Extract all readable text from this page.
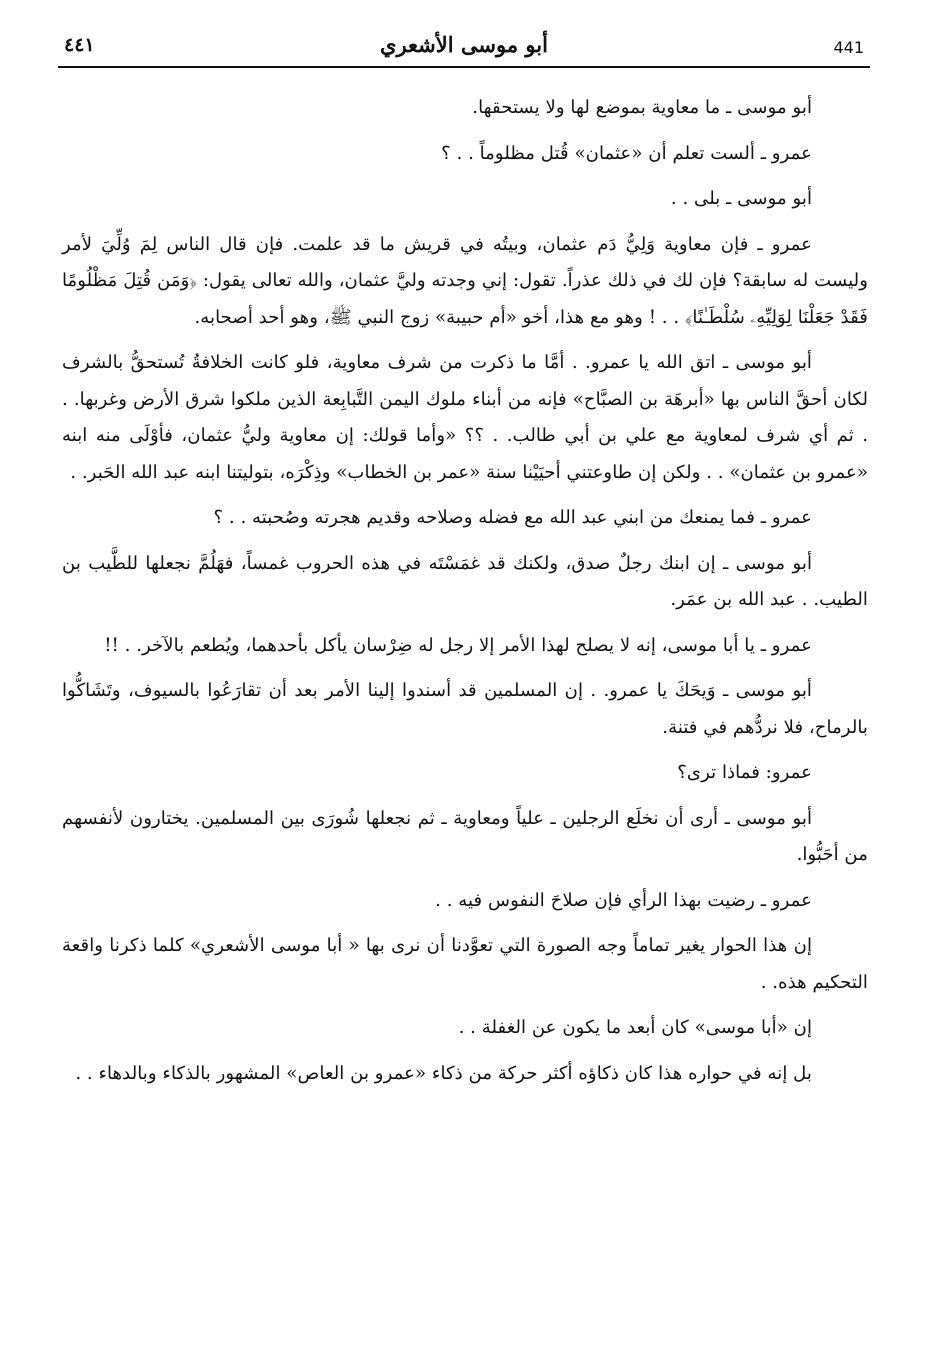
٤٤١	أبو موسى الأشعري	441

أبو موسى ـ ما معاوية بموضع لها ولا يستحقها.

عمرو ـ ألست تعلم أن «عثمان» قُتل مظلوماً . . ؟

أبو موسى ـ بلى . .

عمرو ـ فإن معاوية وَلِيُّ دَم عثمان، وبيتُه في قريش ما قد علمت. فإن قال الناس لِمَ وُلِّيَ لأمر وليست له سابقة؟ فإن لك في ذلك عذراً. تقول: إني وجدته وليَّ عثمان، والله تعالى يقول: ﴿وَمَن قُتِلَ مَظْلُومًا فَقَدْ جَعَلْنَا لِوَلِيِّهِۦ سُلْطَـٰنًا﴾ . . ! وهو مع هذا، أخو «أم حبيبة» زوج النبي ﷺ، وهو أحد أصحابه.

أبو موسى ـ اتق الله يا عمرو. . أمَّا ما ذكرت من شرف معاوية، فلو كانت الخلافةُ تُستحقُّ بالشرف لكان أحقَّ الناس بها «أبرهَة بن الصبَّاح» فإنه من أبناء ملوك اليمن التَّبابِعة الذين ملكوا شرق الأرض وغربها. . . ثم أي شرف لمعاوية مع علي بن أبي طالب. . ؟؟ «وأما قولك: إن معاوية وليُّ عثمان، فأوْلَى منه ابنه «عمرو بن عثمان» . . ولكن إن طاوعتني أحيَيْنا سنة «عمر بن الخطاب» وذِكْرَه، بتوليتنا ابنه عبد الله الحَبر. .

عمرو ـ فما يمنعك من ابني عبد الله مع فضله وصلاحه وقديم هجرته وصُحبته . . ؟

أبو موسى ـ إن ابنك رجلٌ صدق، ولكنك قد غمَسْتَه في هذه الحروب غمساً، فهَلُمَّ نجعلها للطَّيب بن الطيب. . عبد الله بن عمَر.

عمرو ـ يا أبا موسى، إنه لا يصلح لهذا الأمر إلا رجل له ضِرْسان يأكل بأحدهما، ويُطعم بالآخر. . !!

أبو موسى ـ وَيحَكَ يا عمرو. . إن المسلمين قد أسندوا إلينا الأمر بعد أن تقارَعُوا بالسيوف، وتَشَاكُّوا بالرماح، فلا نردُّهم في فتنة.

عمرو: فماذا ترى؟

أبو موسى ـ أرى أن نخلَع الرجلين ـ علياً ومعاوية ـ ثم نجعلها شُورَى بين المسلمين. يختارون لأنفسهم من أحَبُّوا.

عمرو ـ رضيت بهذا الرأي فإن صلاحَ النفوس فيه . .

إن هذا الحوار يغير تماماً وجه الصورة التي تعوَّدنا أن نرى بها « أبا موسى الأشعري» كلما ذكرنا واقعة التحكيم هذه. .

إن «أبا موسى» كان أبعد ما يكون عن الغفلة . .

بل إنه في حواره هذا كان ذكاؤه أكثر حركة من ذكاء «عمرو بن العاص» المشهور بالذكاء وبالدهاء . .
